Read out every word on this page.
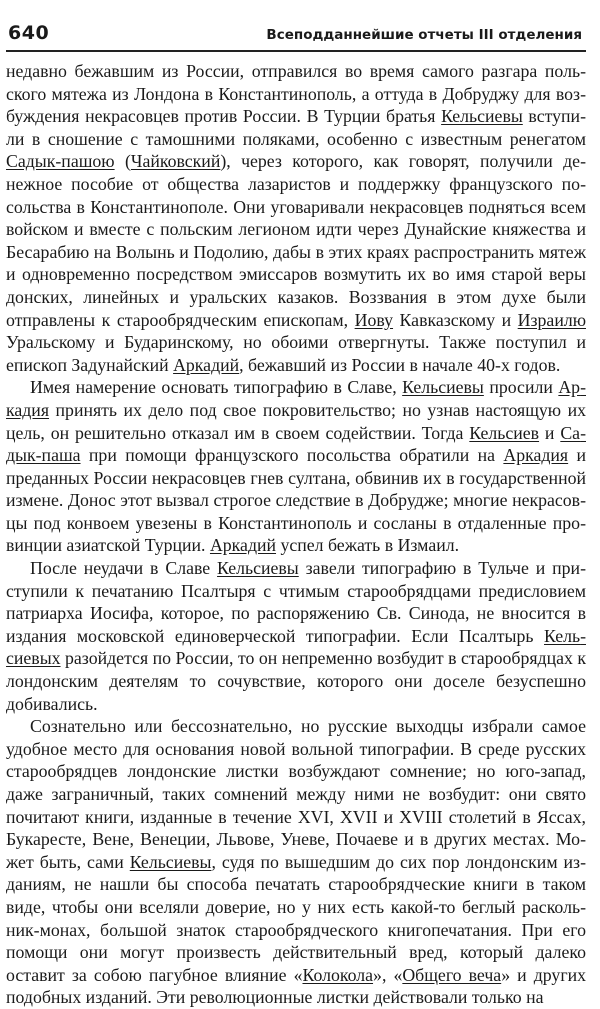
640	Всеподданнейшие отчеты III отделения

недавно бежавшим из России, отправился во время самого разгара польского мятежа из Лондона в Константинополь, а оттуда в Добруджу для возбуждения некрасовцев против России. В Турции братья Кельсиевы вступили в сношение с тамошними поляками, особенно с известным ренегатом Садык-пашою (Чайковский), через которого, как говорят, получили денежное пособие от общества лазаристов и поддержку французского посольства в Константинополе. Они уговаривали некрасовцев подняться всем войском и вместе с польским легионом идти через Дунайские княжества и Бесарабию на Волынь и Подолию, дабы в этих краях распространить мятеж и одновременно посредством эмиссаров возмутить их во имя старой веры донских, линейных и уральских казаков. Воззвания в этом духе были отправлены к старообрядческим епископам, Иову Кавказскому и Израилю Уральскому и Бударинскому, но обоими отвергнуты. Также поступил и епископ Задунайский Аркадий, бежавший из России в начале 40-х годов.

Имея намерение основать типографию в Славе, Кельсиевы просили Аркадия принять их дело под свое покровительство; но узнав настоящую их цель, он решительно отказал им в своем содействии. Тогда Кельсиев и Садык-паша при помощи французского посольства обратили на Аркадия и преданных России некрасовцев гнев султана, обвинив их в государственной измене. Донос этот вызвал строгое следствие в Добрудже; многие некрасовцы под конвоем увезены в Константинополь и сосланы в отдаленные провинции азиатской Турции. Аркадий успел бежать в Измаил.

После неудачи в Славе Кельсиевы завели типографию в Тульче и приступили к печатанию Псалтыря с чтимым старообрядцами предисловием патриарха Иосифа, которое, по распоряжению Св. Синода, не вносится в издания московской единоверческой типографии. Если Псалтырь Кельсиевых разойдется по России, то он непременно возбудит в старообрядцах к лондонским деятелям то сочувствие, которого они доселе безуспешно добивались.

Сознательно или бессознательно, но русские выходцы избрали самое удобное место для основания новой вольной типографии. В среде русских старообрядцев лондонские листки возбуждают сомнение; но юго-запад, даже заграничный, таких сомнений между ними не возбудит: они свято почитают книги, изданные в течение XVI, XVII и XVIII столетий в Яссах, Букаресте, Вене, Венеции, Львове, Уневе, Почаеве и в других местах. Может быть, сами Кельсиевы, судя по вышедшим до сих пор лондонским изданиям, не нашли бы способа печатать старообрядческие книги в таком виде, чтобы они вселяли доверие, но у них есть какой-то беглый раскольник-монах, большой знаток старообрядческого книгопечатания. При его помощи они могут произвесть действительный вред, который далеко оставит за собою пагубное влияние «Колокола», «Общего веча» и других подобных изданий. Эти революционные листки действовали только на
